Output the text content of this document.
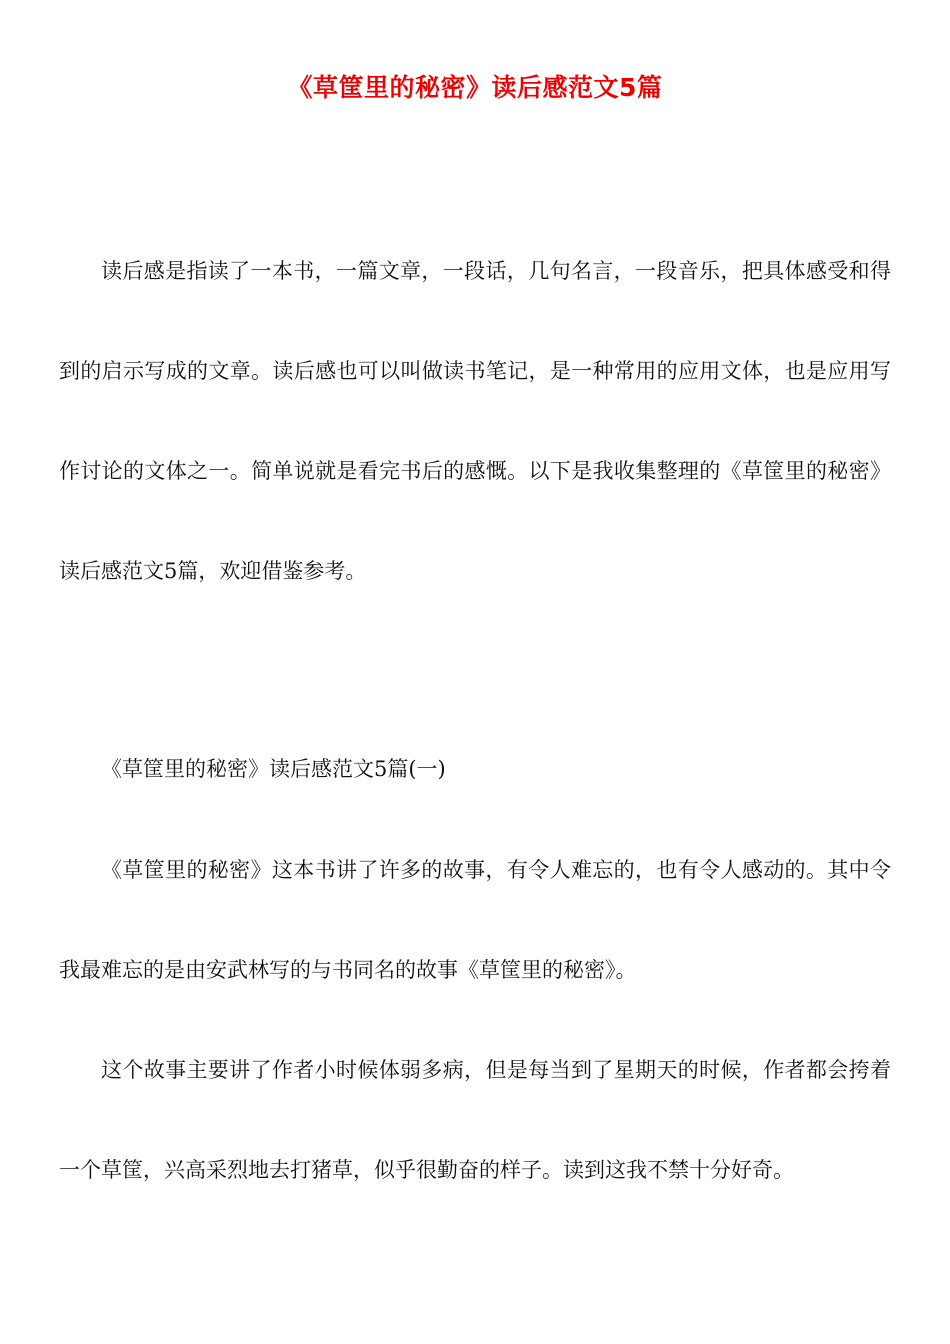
《草筐里的秘密》读后感范文5篇

读后感是指读了一本书，一篇文章，一段话，几句名言，一段音乐，把具体感受和得到的启示写成的文章。读后感也可以叫做读书笔记，是一种常用的应用文体，也是应用写作讨论的文体之一。简单说就是看完书后的感慨。以下是我收集整理的《草筐里的秘密》读后感范文5篇，欢迎借鉴参考。

《草筐里的秘密》读后感范文5篇(一)

《草筐里的秘密》这本书讲了许多的故事，有令人难忘的，也有令人感动的。其中令我最难忘的是由安武林写的与书同名的故事《草筐里的秘密》。

这个故事主要讲了作者小时候体弱多病，但是每当到了星期天的时候，作者都会挎着一个草筐，兴高采烈地去打猪草，似乎很勤奋的样子。读到这我不禁十分好奇。
